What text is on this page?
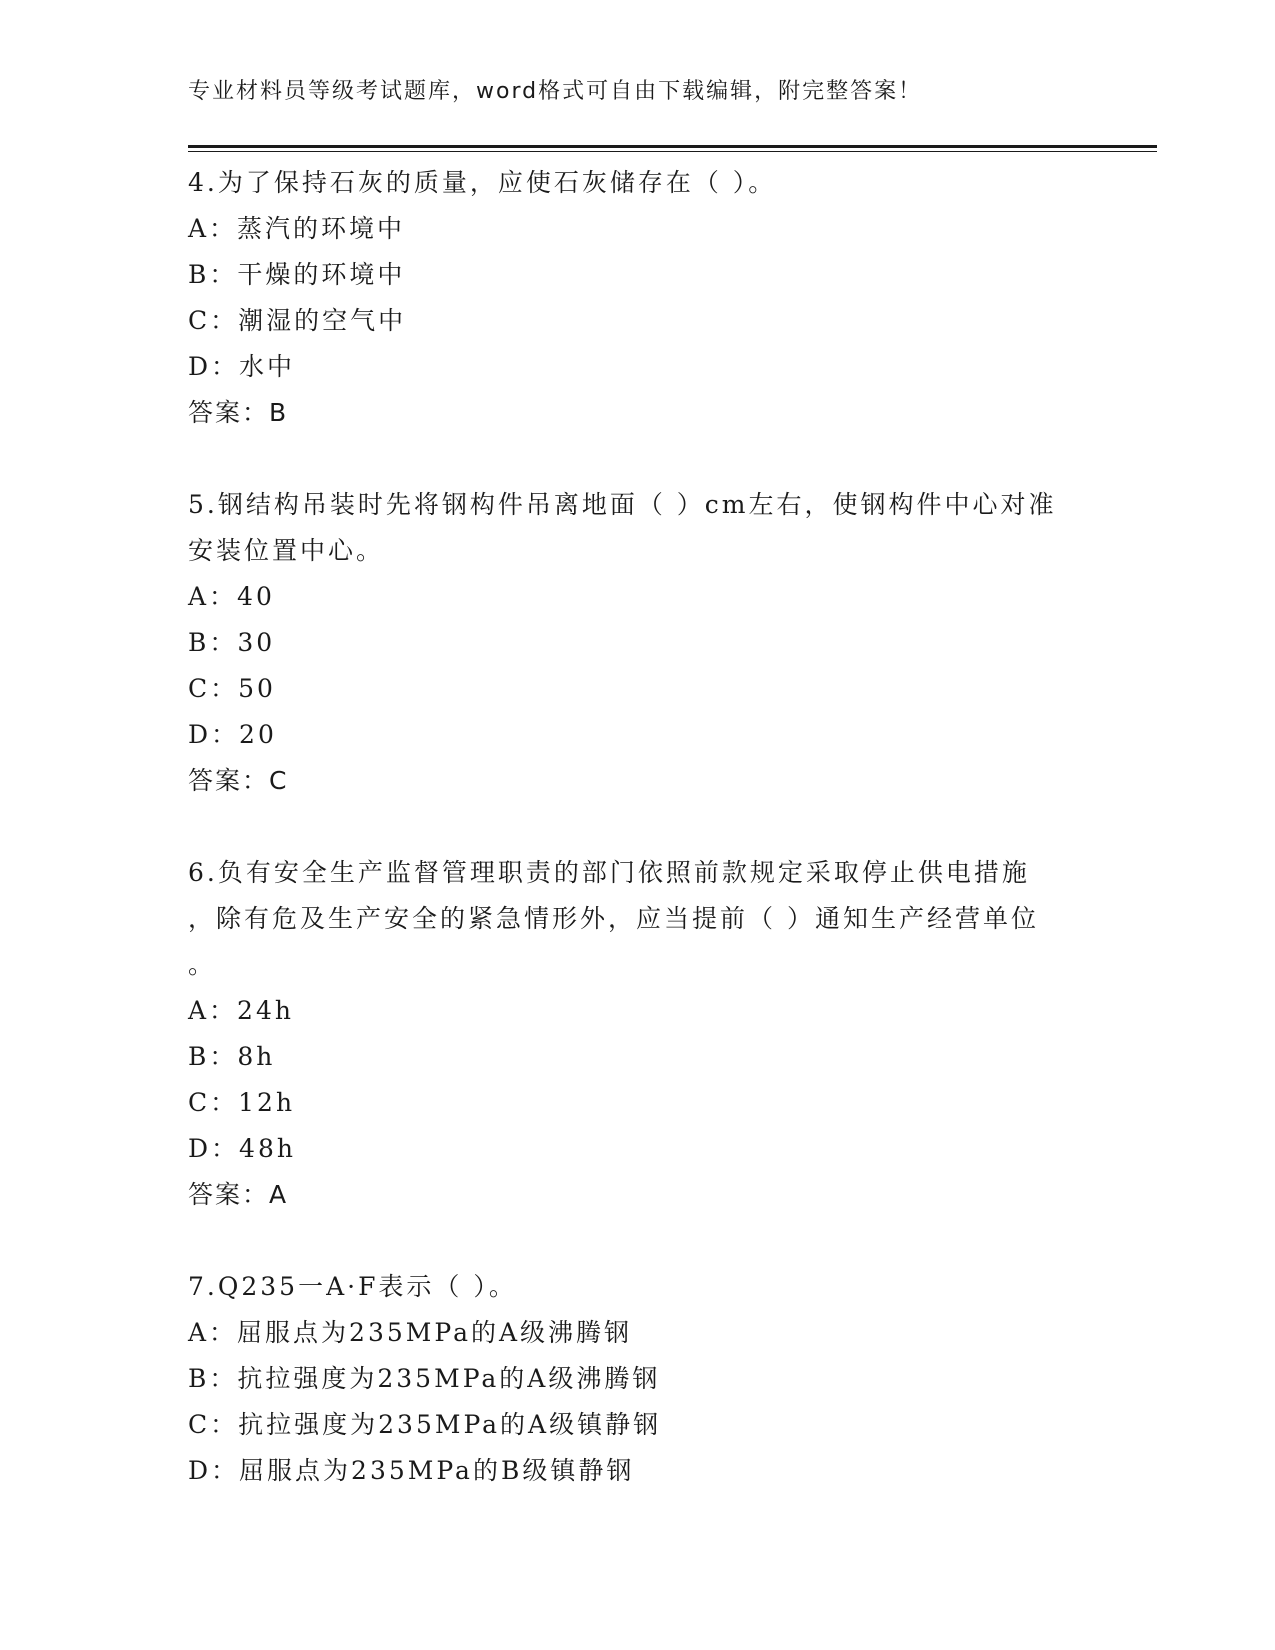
专业材料员等级考试题库，word格式可自由下载编辑，附完整答案！
4.为了保持石灰的质量，应使石灰储存在（ ）。
A：蒸汽的环境中
B：干燥的环境中
C：潮湿的空气中
D：水中
答案：B
5.钢结构吊装时先将钢构件吊离地面（ ）cm左右，使钢构件中心对准
安装位置中心。
A：40
B：30
C：50
D：20
答案：C
6.负有安全生产监督管理职责的部门依照前款规定采取停止供电措施
，除有危及生产安全的紧急情形外，应当提前（ ）通知生产经营单位
。
A：24h
B：8h
C：12h
D：48h
答案：A
7.Q235一A·F表示（ ）。
A：屈服点为235MPa的A级沸腾钢
B：抗拉强度为235MPa的A级沸腾钢
C：抗拉强度为235MPa的A级镇静钢
D：屈服点为235MPa的B级镇静钢
